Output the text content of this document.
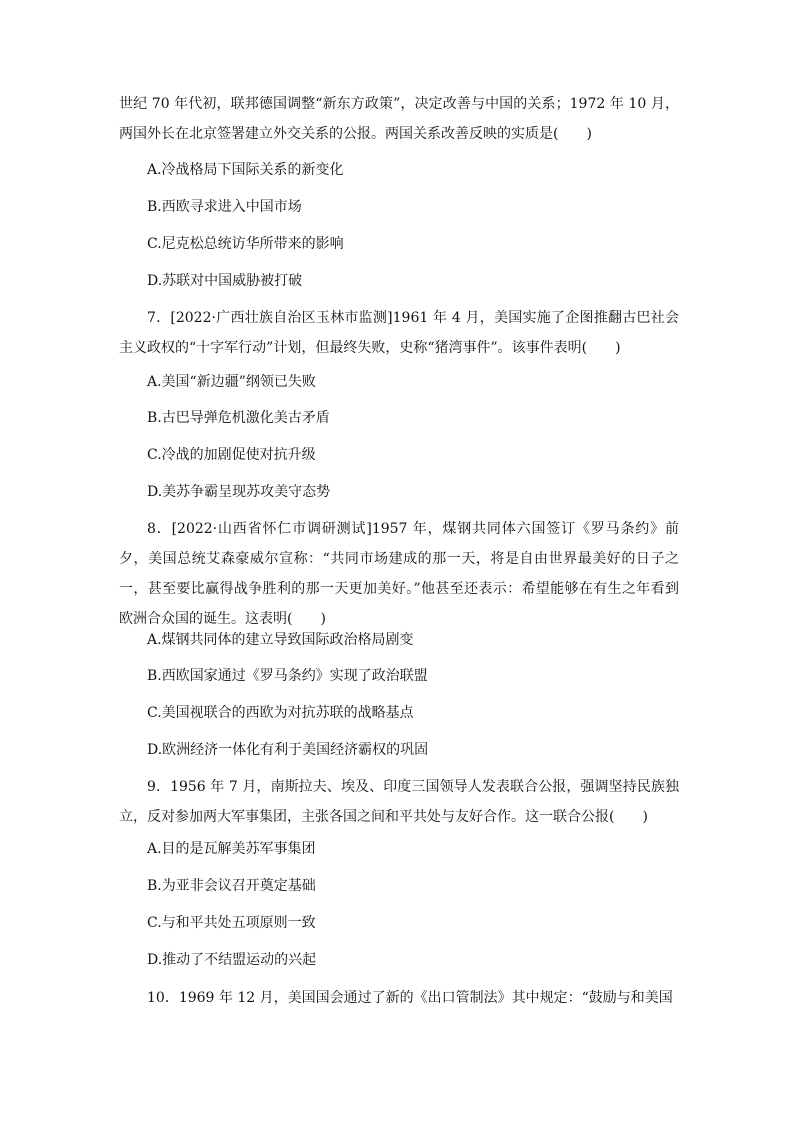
世纪 70 年代初，联邦德国调整“新东方政策”，决定改善与中国的关系；1972 年 10 月，两国外长在北京签署建立外交关系的公报。两国关系改善反映的实质是(　　)

A.冷战格局下国际关系的新变化

B.西欧寻求进入中国市场

C.尼克松总统访华所带来的影响

D.苏联对中国威胁被打破

7．[2022·广西壮族自治区玉林市监测]1961 年 4 月，美国实施了企图推翻古巴社会主义政权的“十字军行动”计划，但最终失败，史称“猪湾事件”。该事件表明(　　)

A.美国“新边疆”纲领已失败

B.古巴导弹危机激化美古矛盾

C.冷战的加剧促使对抗升级

D.美苏争霸呈现苏攻美守态势

8．[2022·山西省怀仁市调研测试]1957 年，煤钢共同体六国签订《罗马条约》前夕，美国总统艾森豪威尔宣称：“共同市场建成的那一天，将是自由世界最美好的日子之一，甚至要比赢得战争胜利的那一天更加美好。”他甚至还表示：希望能够在有生之年看到欧洲合众国的诞生。这表明(　　)

A.煤钢共同体的建立导致国际政治格局剧变

B.西欧国家通过《罗马条约》实现了政治联盟

C.美国视联合的西欧为对抗苏联的战略基点

D.欧洲经济一体化有利于美国经济霸权的巩固

9．1956 年 7 月，南斯拉夫、埃及、印度三国领导人发表联合公报，强调坚持民族独立，反对参加两大军事集团，主张各国之间和平共处与友好合作。这一联合公报(　　)

A.目的是瓦解美苏军事集团

B.为亚非会议召开奠定基础

C.与和平共处五项原则一致

D.推动了不结盟运动的兴起

10．1969 年 12 月，美国国会通过了新的《出口管制法》其中规定：“鼓励与和美国
